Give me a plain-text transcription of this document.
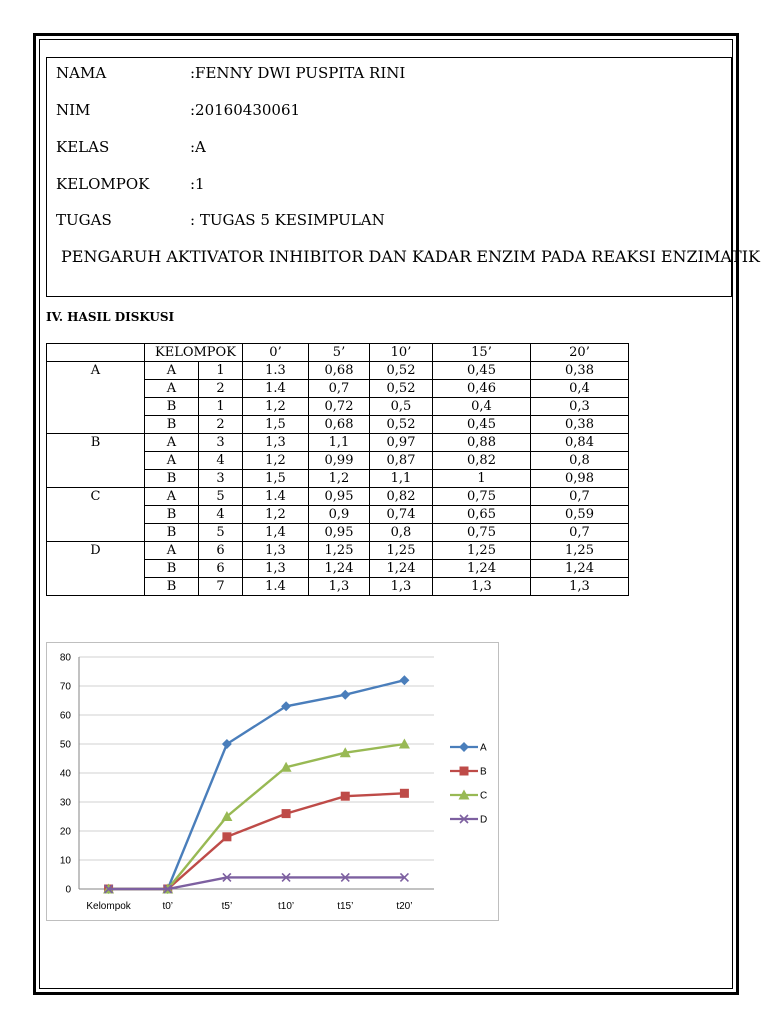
NAMA	:FENNY DWI PUSPITA RINI
NIM	:20160430061
KELAS	:A
KELOMPOK	:1
TUGAS	: TUGAS 5 KESIMPULAN
PENGARUH AKTIVATOR INHIBITOR DAN KADAR ENZIM PADA REAKSI ENZIMATIK
IV. HASIL DISKUSI
	KELOMPOK		0’	5’	10’	15’	20’
A	A	1	1.3	0,68	0,52	0,45	0,38
	A	2	1.4	0,7	0,52	0,46	0,4
	B	1	1,2	0,72	0,5	0,4	0,3
	B	2	1,5	0,68	0,52	0,45	0,38
B	A	3	1,3	1,1	0,97	0,88	0,84
	A	4	1,2	0,99	0,87	0,82	0,8
	B	3	1,5	1,2	1,1	1	0,98
C	A	5	1.4	0,95	0,82	0,75	0,7
	B	4	1,2	0,9	0,74	0,65	0,59
	B	5	1,4	0,95	0,8	0,75	0,7
D	A	6	1,3	1,25	1,25	1,25	1,25
	B	6	1,3	1,24	1,24	1,24	1,24
	B	7	1.4	1,3	1,3	1,3	1,3
0
10
20
30
40
50
60
70
80
Kelompok	t0’	t5’	t10’	t15’	t20’
A
B
C
D
